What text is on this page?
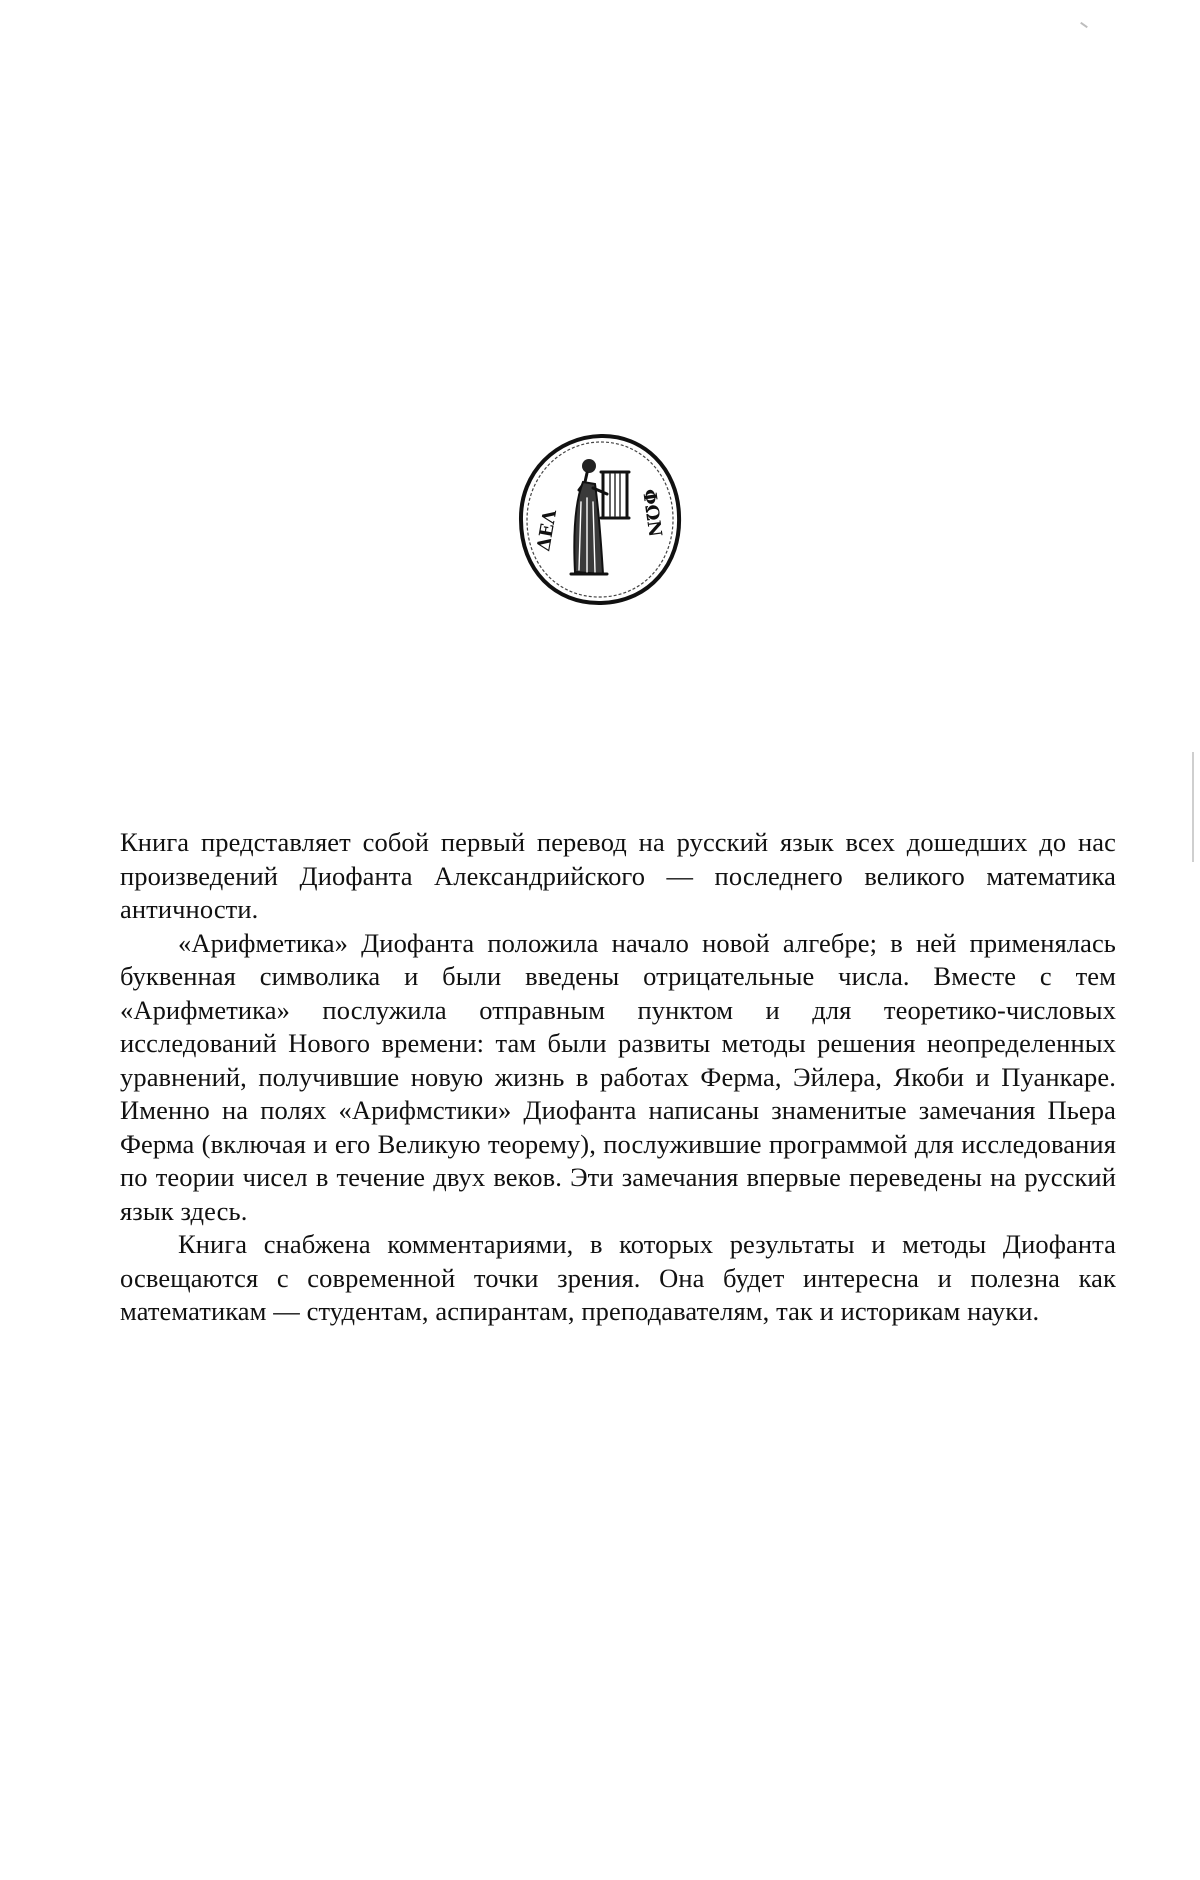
ΔΕΛ	ΦΩΝ

Книга представляет собой первый перевод на русский язык всех дошедших до нас произведений Диофанта Александрийского — последнего великого математика античности.

«Арифметика» Диофанта положила начало новой алгебре; в ней применялась буквенная символика и были введены отрицательные числа. Вместе с тем «Арифметика» послужила отправным пунктом и для теоретико-числовых исследований Нового времени: там были развиты методы решения неопределенных уравнений, получившие новую жизнь в работах Ферма, Эйлера, Якоби и Пуанкаре. Именно на полях «Арифмстики» Диофанта написаны знаменитые замечания Пьера Ферма (включая и его Великую теорему), послужившие программой для исследования по теории чисел в течение двух веков. Эти замечания впервые переведены на русский язык здесь.

Книга снабжена комментариями, в которых результаты и методы Диофанта освещаются с современной точки зрения. Она будет интересна и полезна как математикам — студентам, аспирантам, преподавателям, так и историкам науки.
